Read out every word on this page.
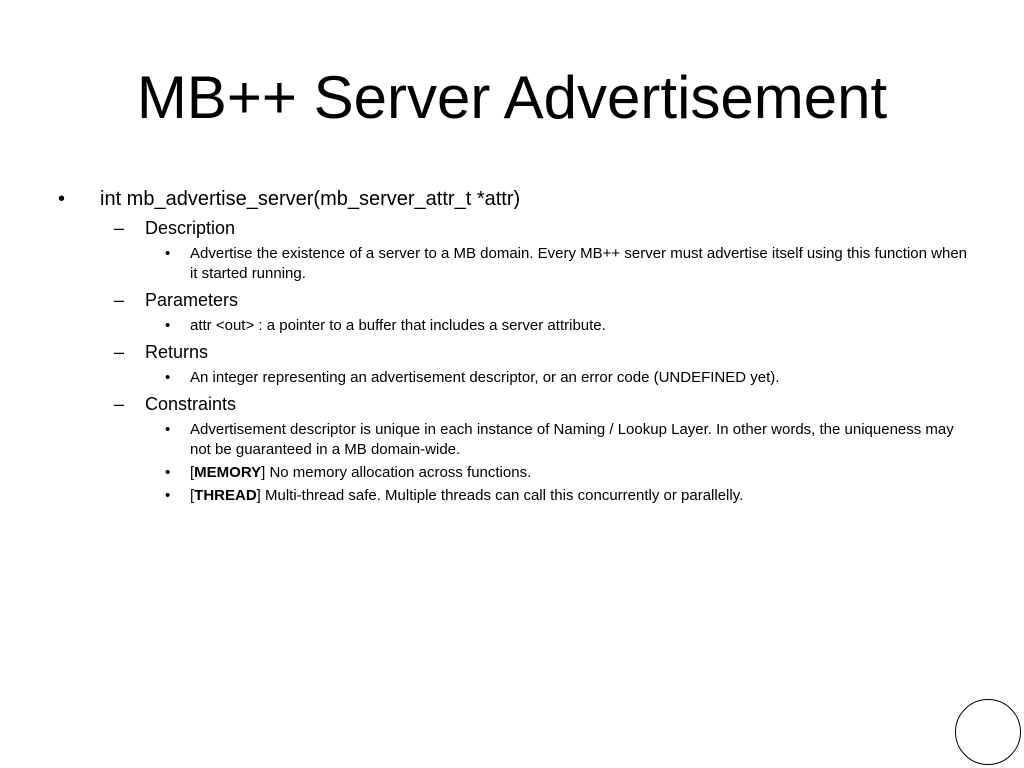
MB++ Server Advertisement
•	int mb_advertise_server(mb_server_attr_t *attr)
–	Description
•	Advertise the existence of a server to a MB domain. Every MB++ server must advertise itself using this function when it started running.
–	Parameters
•	attr <out> : a pointer to a buffer that includes a server attribute.
–	Returns
•	An integer representing an advertisement descriptor, or an error code (UNDEFINED yet).
–	Constraints
•	Advertisement descriptor is unique in each instance of Naming / Lookup Layer. In other words, the uniqueness may not be guaranteed in a MB domain-wide.
•	[MEMORY] No memory allocation across functions.
•	[THREAD] Multi-thread safe. Multiple threads can call this concurrently or parallelly.
